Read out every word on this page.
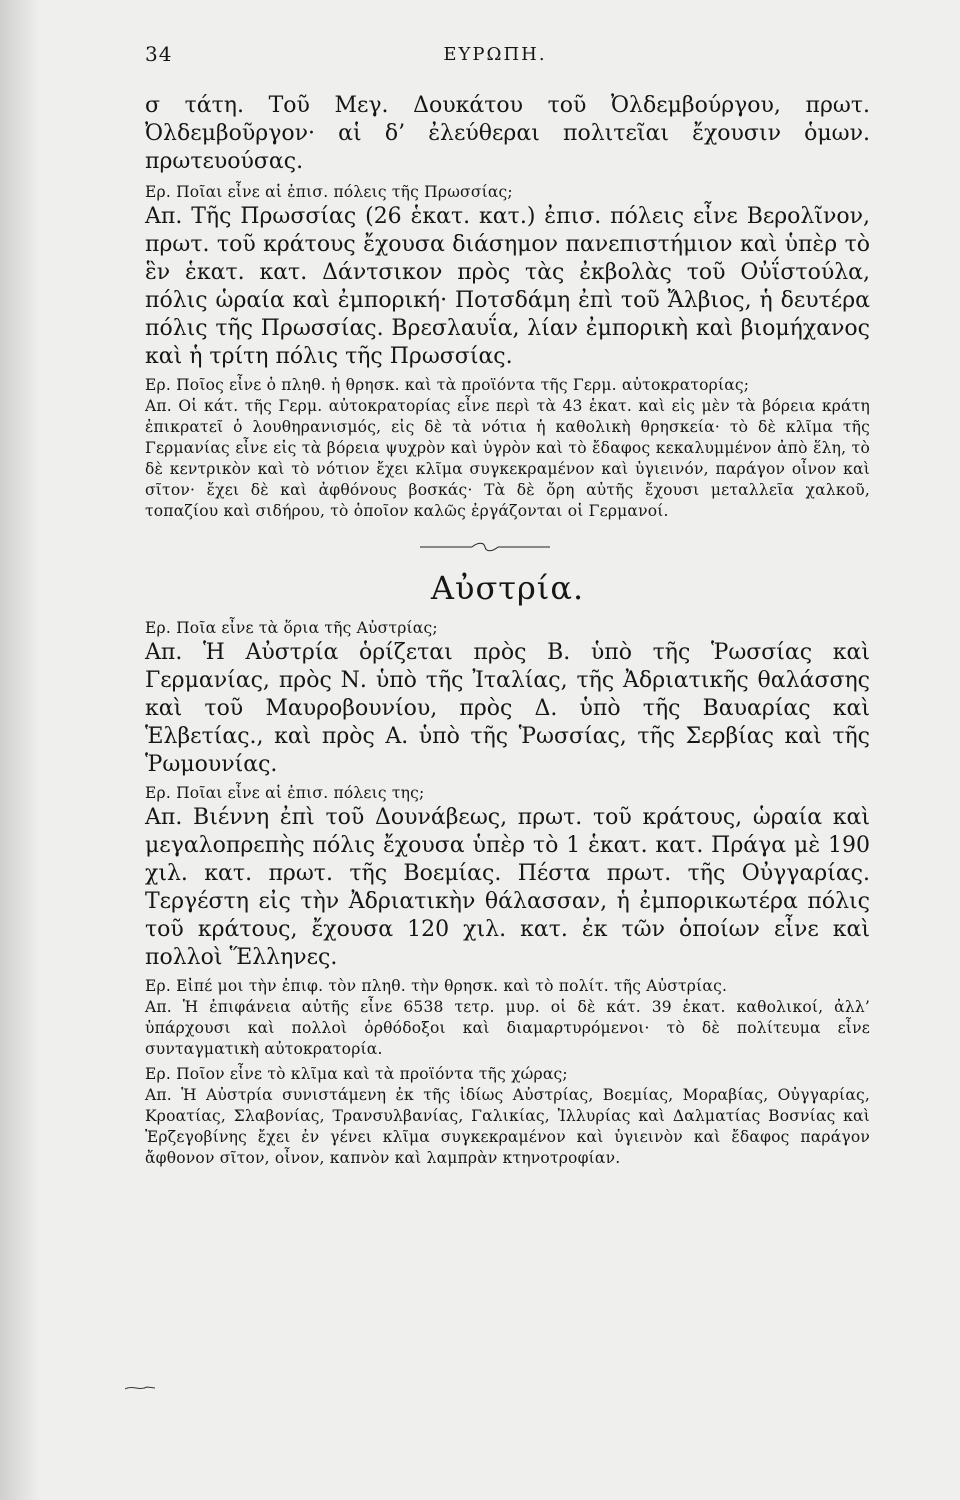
34	ΕΥΡΩΠΗ.

σ τάτη. Τοῦ Μεγ. Δουκάτου τοῦ Ὀλδεμβούργου, πρωτ. Ὀλδεμβοῦργον· αἱ δ’ ἐλεύθεραι πολιτεῖαι ἔχουσιν ὁμων. πρωτευούσας.

Ερ. Ποῖαι εἶνε αἱ ἐπισ. πόλεις τῆς Πρωσσίας;

Απ. Τῆς Πρωσσίας (26 ἑκατ. κατ.) ἐπισ. πόλεις εἶνε Βερολῖνον, πρωτ. τοῦ κράτους ἔχουσα διάσημον πανεπιστήμιον καὶ ὑπὲρ τὸ ἓν ἑκατ. κατ. Δάντσικον πρὸς τὰς ἐκβολὰς τοῦ Οὐΐστούλα, πόλις ὡραία καὶ ἐμπορική· Ποτσδάμη ἐπὶ τοῦ Ἄλβιος, ἡ δευτέρα πόλις τῆς Πρωσσίας. Βρεσλαυΐα, λίαν ἐμπορικὴ καὶ βιομήχανος καὶ ἡ τρίτη πόλις τῆς Πρωσσίας.

Ερ. Ποῖος εἶνε ὁ πληθ. ἡ θρησκ. καὶ τὰ προϊόντα τῆς Γερμ. αὐτοκρατορίας;

Απ. Οἱ κάτ. τῆς Γερμ. αὐτοκρατορίας εἶνε περὶ τὰ 43 ἑκατ. καὶ εἰς μὲν τὰ βόρεια κράτη ἐπικρατεῖ ὁ λουθηρανισμός, εἰς δὲ τὰ νότια ἡ καθολικὴ θρησκεία· τὸ δὲ κλῖμα τῆς Γερμανίας εἶνε εἰς τὰ βόρεια ψυχρὸν καὶ ὑγρὸν καὶ τὸ ἔδαφος κεκαλυμμένον ἀπὸ ἕλη, τὸ δὲ κεντρικὸν καὶ τὸ νότιον ἔχει κλῖμα συγκεκραμένον καὶ ὑγιεινόν, παράγον οἶνον καὶ σῖτον· ἔχει δὲ καὶ ἀφθόνους βοσκάς· Τὰ δὲ ὄρη αὐτῆς ἔχουσι μεταλλεῖα χαλκοῦ, τοπαζίου καὶ σιδήρου, τὸ ὁποῖον καλῶς ἐργάζονται οἱ Γερμανοί.

Αὐστρία.

Ερ. Ποῖα εἶνε τὰ ὅρια τῆς Αὐστρίας;

Απ. Ἡ Αὐστρία ὁρίζεται πρὸς Β. ὑπὸ τῆς Ῥωσσίας καὶ Γερμανίας, πρὸς Ν. ὑπὸ τῆς Ἰταλίας, τῆς Ἀδριατικῆς θαλάσσης καὶ τοῦ Μαυροβουνίου, πρὸς Δ. ὑπὸ τῆς Βαυαρίας καὶ Ἑλβετίας., καὶ πρὸς Α. ὑπὸ τῆς Ῥωσσίας, τῆς Σερβίας καὶ τῆς Ῥωμουνίας.

Ερ. Ποῖαι εἶνε αἱ ἐπισ. πόλεις της;

Απ. Βιέννη ἐπὶ τοῦ Δουνάβεως, πρωτ. τοῦ κράτους, ὡραία καὶ μεγαλοπρεπὴς πόλις ἔχουσα ὑπὲρ τὸ 1 ἑκατ. κατ. Πράγα μὲ 190 χιλ. κατ. πρωτ. τῆς Βοεμίας. Πέστα πρωτ. τῆς Οὐγγαρίας. Τεργέστη εἰς τὴν Ἀδριατικὴν θάλασσαν, ἡ ἐμπορικωτέρα πόλις τοῦ κράτους, ἔχουσα 120 χιλ. κατ. ἐκ τῶν ὁποίων εἶνε καὶ πολλοὶ Ἕλληνες.

Ερ. Εἰπέ μοι τὴν ἐπιφ. τὸν πληθ. τὴν θρησκ. καὶ τὸ πολίτ. τῆς Αὐστρίας.

Απ. Ἡ ἐπιφάνεια αὐτῆς εἶνε 6538 τετρ. μυρ. οἱ δὲ κάτ. 39 ἑκατ. καθολικοί, ἀλλ’ ὑπάρχουσι καὶ πολλοὶ ὀρθόδοξοι καὶ διαμαρτυρόμενοι· τὸ δὲ πολίτευμα εἶνε συνταγματικὴ αὐτοκρατορία.

Ερ. Ποῖον εἶνε τὸ κλῖμα καὶ τὰ προϊόντα τῆς χώρας;

Απ. Ἡ Αὐστρία συνιστάμενη ἐκ τῆς ἰδίως Αὐστρίας, Βοεμίας, Μοραβίας, Οὐγγαρίας, Κροατίας, Σλαβονίας, Τρανσυλβανίας, Γαλικίας, Ἰλλυρίας καὶ Δαλματίας Βοσνίας καὶ Ἐρζεγοβίνης ἔχει ἐν γένει κλῖμα συγκεκραμένον καὶ ὑγιεινὸν καὶ ἔδαφος παράγον ἄφθονον σῖτον, οἶνον, καπνὸν καὶ λαμπρὰν κτηνοτροφίαν.
